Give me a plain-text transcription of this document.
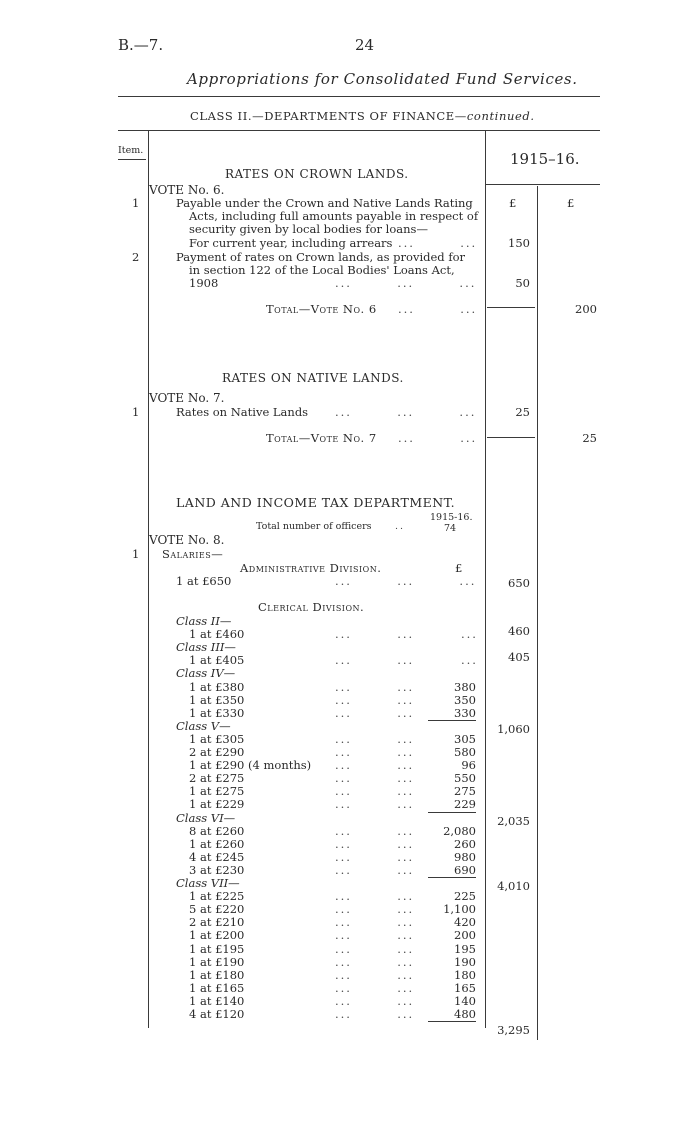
B.—7.	24
Appropriations for Consolidated Fund Services.
CLASS II.—DEPARTMENTS OF FINANCE—continued.
Item.	1915–16.
RATES ON CROWN LANDS.
VOTE No. 6.
1	Payable under the Crown and Native Lands Rating
Acts, including full amounts payable in respect of
security given by local bodies for loans—
For current year, including arrears ...        ...
£	£
150
2	Payment of rates on Crown lands, as provided for
in section 122 of the Local Bodies' Loans Act,
1908	...        ...        ...	50
Total—Vote No. 6 ...        ...	200
RATES ON NATIVE LANDS.
VOTE No. 7.
1	Rates on Native Lands ...        ...        ...	25
Total—Vote No. 7 ...        ...	25
LAND AND INCOME TAX DEPARTMENT.
Total number of officers ..
1915-16.
74
VOTE No. 8.
1 Salaries—
Administrative Division.	£
1 at £650	...        ...        ...	650
Clerical Division.
Class II—
1 at £460	...        ...	...	460
Class III—
1 at £405	...        ...	...	405
Class IV—
1 at £380	...        ...	380
1 at £350	...        ...	350
1 at £330	...        ...	330
1,060
Class V—
1 at £305	...        ...	305
2 at £290	...        ...	580
1 at £290 (4 months) ...        ...	96
2 at £275	...        ...	550
1 at £275	...        ...	275
1 at £229	...        ...	229
2,035
Class VI—
8 at £260	...        ...	2,080
1 at £260	...        ...	260
4 at £245	...        ...	980
3 at £230	...        ...	690
4,010
Class VII—
1 at £225	...        ...	225
5 at £220	...        ...	1,100
2 at £210	...        ...	420
1 at £200	...        ...	200
1 at £195	...        ...	195
1 at £190	...        ...	190
1 at £180	...        ...	180
1 at £165	...        ...	165
1 at £140	...        ...	140
4 at £120	...        ...	480
3,295
